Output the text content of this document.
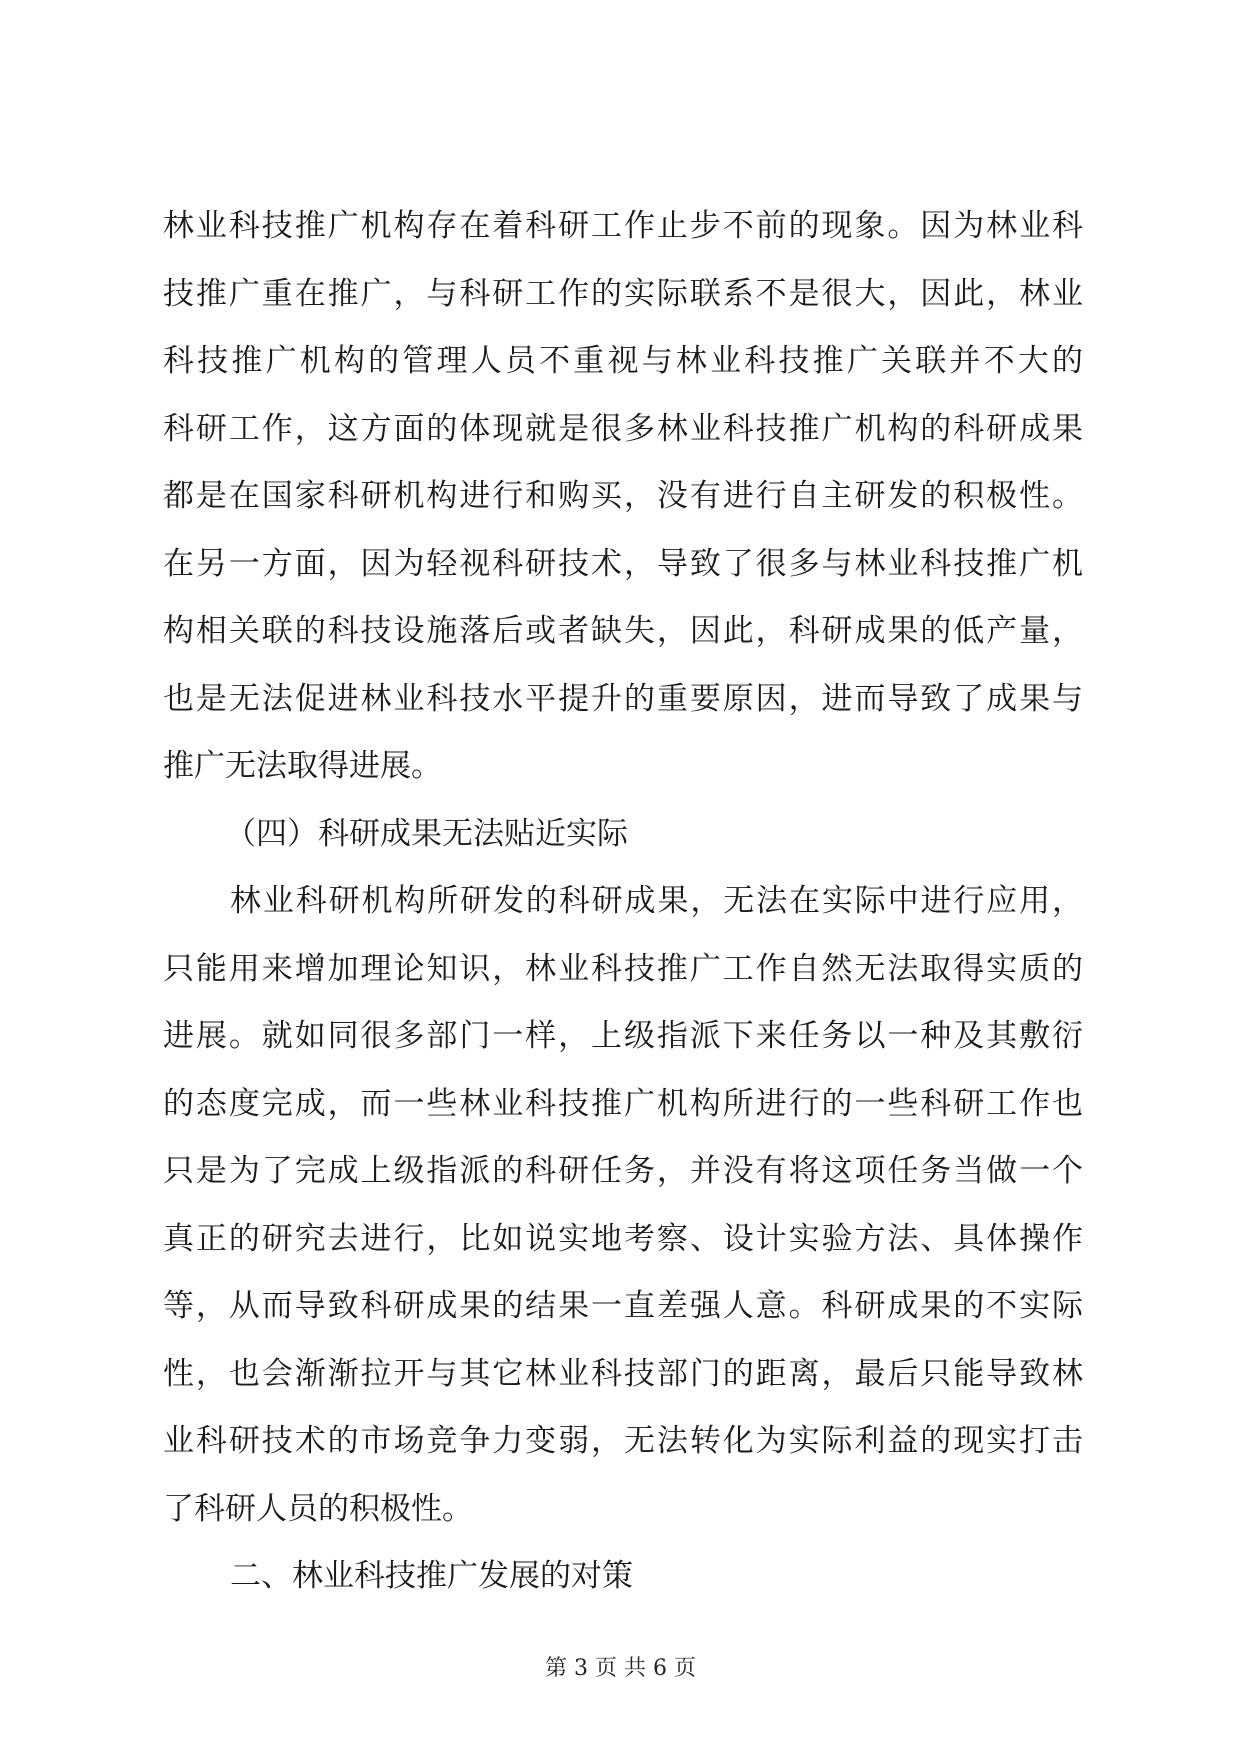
林业科技推广机构存在着科研工作止步不前的现象。因为林业科
技推广重在推广，与科研工作的实际联系不是很大，因此，林业
科技推广机构的管理人员不重视与林业科技推广关联并不大的
科研工作，这方面的体现就是很多林业科技推广机构的科研成果
都是在国家科研机构进行和购买，没有进行自主研发的积极性。
在另一方面，因为轻视科研技术，导致了很多与林业科技推广机
构相关联的科技设施落后或者缺失，因此，科研成果的低产量，
也是无法促进林业科技水平提升的重要原因，进而导致了成果与
推广无法取得进展。
（四）科研成果无法贴近实际
林业科研机构所研发的科研成果，无法在实际中进行应用，
只能用来增加理论知识，林业科技推广工作自然无法取得实质的
进展。就如同很多部门一样，上级指派下来任务以一种及其敷衍
的态度完成，而一些林业科技推广机构所进行的一些科研工作也
只是为了完成上级指派的科研任务，并没有将这项任务当做一个
真正的研究去进行，比如说实地考察、设计实验方法、具体操作
等，从而导致科研成果的结果一直差强人意。科研成果的不实际
性，也会渐渐拉开与其它林业科技部门的距离，最后只能导致林
业科研技术的市场竞争力变弱，无法转化为实际利益的现实打击
了科研人员的积极性。
二、林业科技推广发展的对策
第 3 页 共 6 页
